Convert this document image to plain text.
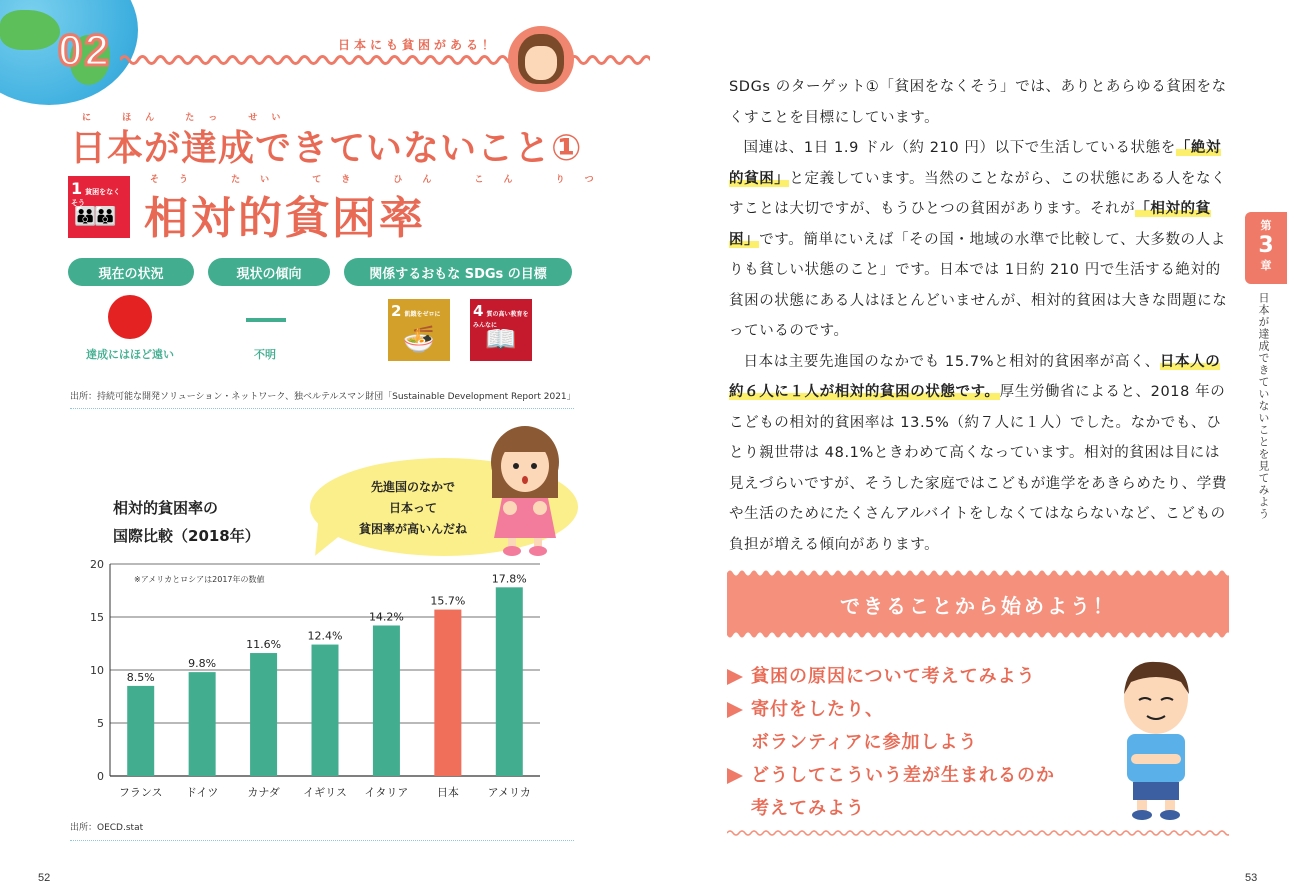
02	日本にも貧困がある！
に ほん たっ せい
日本が達成できていないこと①
1 貧困をなくそう
👪👪
そう たい てき ひん こん りつ
相対的貧困率
現在の状況	現状の傾向	関係するおもな SDGs の目標
達成にはほど遠い	不明
2 飢餓をゼロに
🍜
4 質の高い教育をみんなに
📖
出所：持続可能な開発ソリューション・ネットワーク、独ベルテルスマン財団「Sustainable Development Report 2021」
相対的貧困率の
国際比較（2018年）
先進国のなかで
日本って
貧困率が高いんだね
0
5
10
15
20
8.5%
フランス
9.8%
ドイツ
11.6%
カナダ
12.4%
イギリス
14.2%
イタリア
15.7%
日本
17.8%
アメリカ
※アメリカとロシアは2017年の数値
出所：OECD.stat
52

SDGs のターゲット①「貧困をなくそう」では、ありとあらゆる貧困をなくすことを目標にしています。

国連は、1日 1.9 ドル（約 210 円）以下で生活している状態を「絶対的貧困」と定義しています。当然のことながら、この状態にある人をなくすことは大切ですが、もうひとつの貧困があります。それが「相対的貧困」です。簡単にいえば「その国・地域の水準で比較して、大多数の人よりも貧しい状態のこと」です。日本では 1日約 210 円で生活する絶対的貧困の状態にある人はほとんどいませんが、相対的貧困は大きな問題になっているのです。

日本は主要先進国のなかでも 15.7%と相対的貧困率が高く、日本人の約６人に１人が相対的貧困の状態です。厚生労働省によると、2018 年のこどもの相対的貧困率は 13.5%（約７人に１人）でした。なかでも、ひとり親世帯は 48.1%ときわめて高くなっています。相対的貧困は目には見えづらいですが、そうした家庭ではこどもが進学をあきらめたり、学費や生活のためにたくさんアルバイトをしなくてはならないなど、こどもの負担が増える傾向があります。

第
3
章
日本が達成できていないことを見てみよう
できることから始めよう！
貧困の原因について考えてみよう
寄付をしたり、
ボランティアに参加しよう
どうしてこういう差が生まれるのか
考えてみよう
53
